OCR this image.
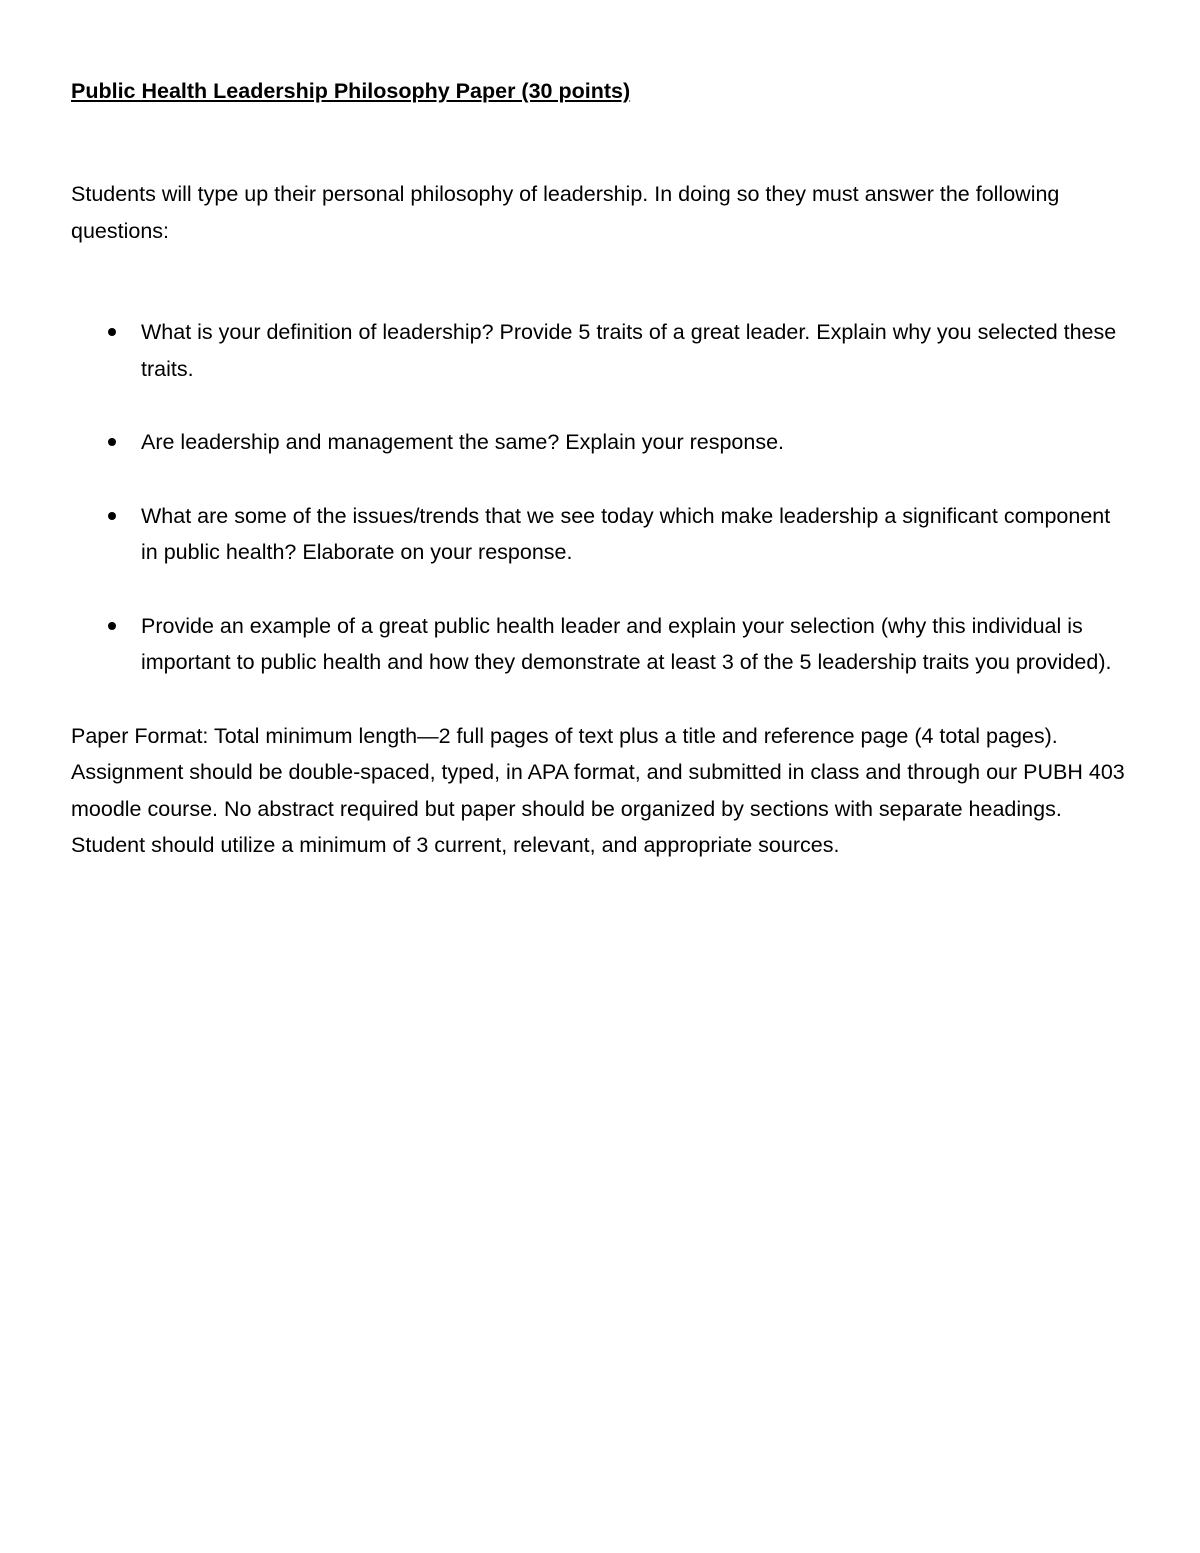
Public Health Leadership Philosophy Paper (30 points)

Students will type up their personal philosophy of leadership. In doing so they must answer the following questions:

What is your definition of leadership? Provide 5 traits of a great leader. Explain why you selected these traits.
Are leadership and management the same? Explain your response.
What are some of the issues/trends that we see today which make leadership a significant component in public health? Elaborate on your response.
Provide an example of a great public health leader and explain your selection (why this individual is important to public health and how they demonstrate at least 3 of the 5 leadership traits you provided).

Paper Format: Total minimum length—2 full pages of text plus a title and reference page (4 total pages). Assignment should be double-spaced, typed, in APA format, and submitted in class and through our PUBH 403 moodle course. No abstract required but paper should be organized by sections with separate headings. Student should utilize a minimum of 3 current, relevant, and appropriate sources.
